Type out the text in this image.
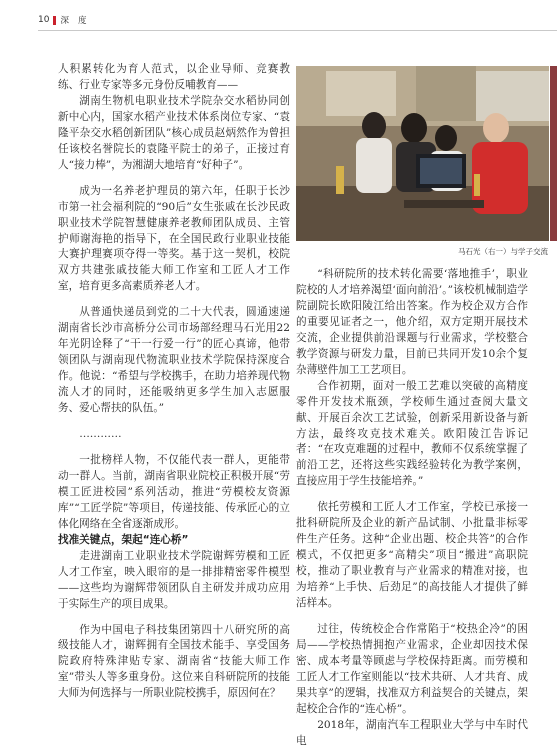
10 深度

人积累转化为育人范式，以企业导师、竞赛教练、行业专家等多元身份反哺教育——

湖南生物机电职业技术学院杂交水稻协同创新中心内，国家水稻产业技术体系岗位专家、“袁隆平杂交水稻创新团队”核心成员赵炳然作为曾担任该校名誉院长的袁隆平院士的弟子，正接过育人“接力棒”，为湘湖大地培育“好种子”。

成为一名养老护理员的第六年，任职于长沙市第一社会福利院的“90后”女生张戚在长沙民政职业技术学院智慧健康养老教师团队成员、主管护师谢海艳的指导下，在全国民政行业职业技能大赛护理赛项夺得一等奖。基于这一契机，校院双方共建张戚技能大师工作室和工匠人才工作室，培育更多高素质养老人才。

从普通快递员到党的二十大代表，圆通速递湖南省长沙市高桥分公司市场部经理马石光用22年光阴诠释了“干一行爱一行”的匠心真谛，他带领团队与湖南现代物流职业技术学院保持深度合作。他说：“希望与学校携手，在助力培养现代物流人才的同时，还能吸纳更多学生加入志愿服务、爱心帮扶的队伍。”

…………

一批榜样人物，不仅能代表一群人，更能带动一群人。当前，湖南省职业院校正积极开展“劳模工匠进校园”系列活动，推进“劳模校友资源库”“工匠学院”等项目，传递技能、传承匠心的立体化网络在全省逐渐成形。

找准关键点，架起“连心桥”

走进湖南工业职业技术学院谢辉劳模和工匠人才工作室，映入眼帘的是一排排精密零件模型——这些均为谢辉带领团队自主研发并成功应用于实际生产的项目成果。

作为中国电子科技集团第四十八研究所的高级技能人才，谢辉拥有全国技术能手、享受国务院政府特殊津贴专家、湖南省“技能大师工作室”带头人等多重身份。这位来自科研院所的技能大师为何选择与一所职业院校携手，原因何在？

马石光（右一）与学子交流

“科研院所的技术转化需要‘落地推手’，职业院校的人才培养渴望‘面向前沿’。”该校机械制造学院副院长欧阳陵江给出答案。作为校企双方合作的重要见证者之一，他介绍，双方定期开展技术交流，企业提供前沿课题与行业需求，学校整合教学资源与研发力量，目前已共同开发10余个复杂薄壁件加工工艺项目。

合作初期，面对一般工艺难以突破的高精度零件开发技术瓶颈，学校师生通过查阅大量文献、开展百余次工艺试验，创新采用新设备与新方法，最终攻克技术难关。欧阳陵江告诉记者：“在攻克难题的过程中，教师不仅系统掌握了前沿工艺，还将这些实践经验转化为教学案例，直接应用于学生技能培养。”

依托劳模和工匠人才工作室，学校已承接一批科研院所及企业的新产品试制、小批量非标零件生产任务。这种“企业出题、校企共答”的合作模式，不仅把更多“高精尖”项目“搬进”高职院校，推动了职业教育与产业需求的精准对接，也为培养“上手快、后劲足”的高技能人才提供了鲜活样本。

过往，传统校企合作常陷于“校热企冷”的困局——学校热情拥抱产业需求，企业却因技术保密、成本考量等顾虑与学校保持距离。而劳模和工匠人才工作室则能以“技术共研、人才共育、成果共享”的逻辑，找准双方利益契合的关键点，架起校企合作的“连心桥”。

2018年，湖南汽车工程职业大学与中车时代电
